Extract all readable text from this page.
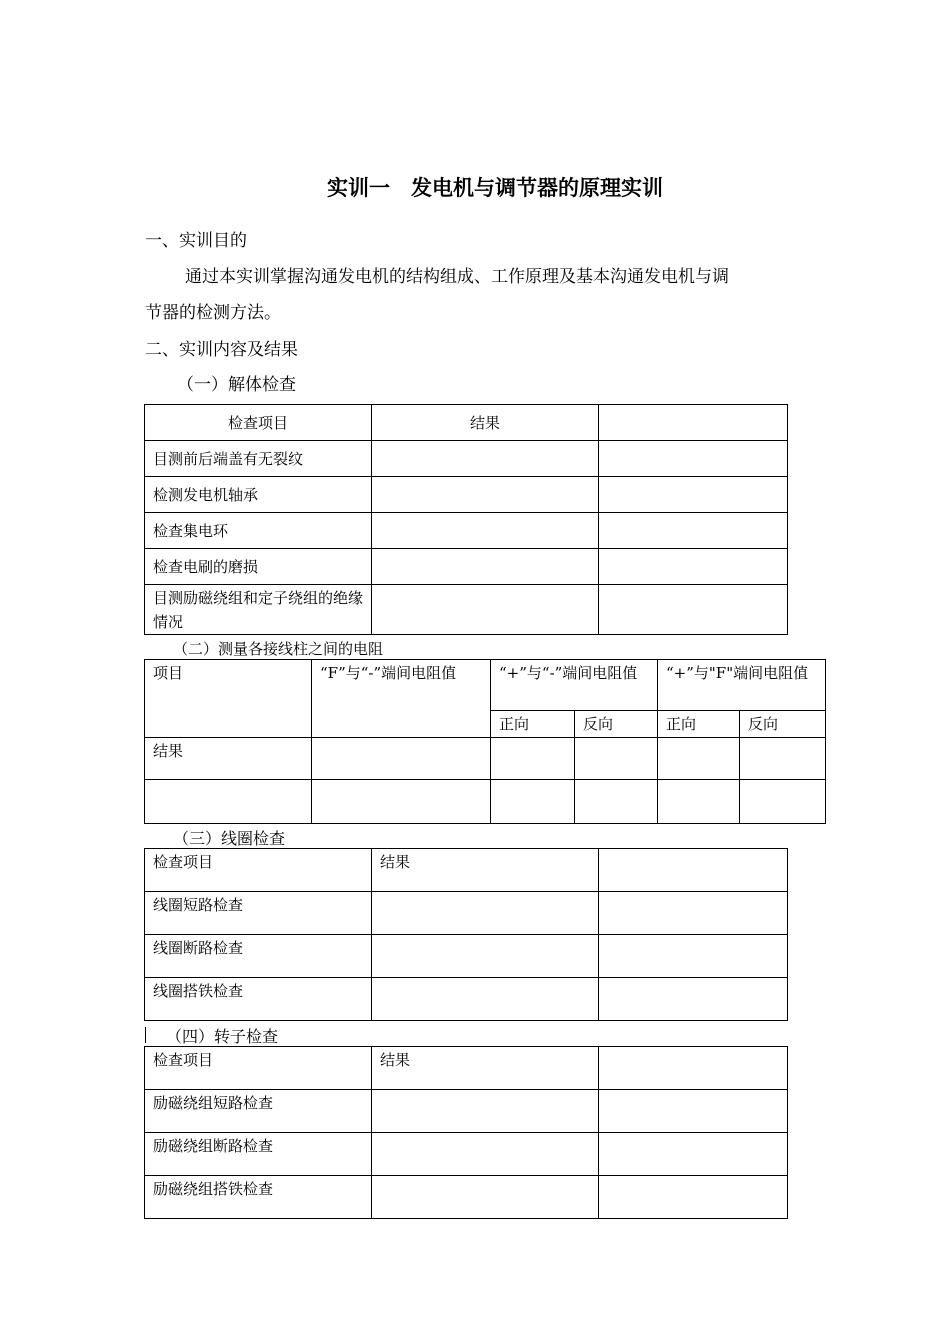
实训一　发电机与调节器的原理实训
一、实训目的
通过本实训掌握沟通发电机的结构组成、工作原理及基本沟通发电机与调
节器的检测方法。
二、实训内容及结果
（一）解体检查
检查项目	结果	
目测前后端盖有无裂纹		
检测发电机轴承		
检查集电环		
检查电刷的磨损		
目测励磁绕组和定子绕组的绝缘情况		
（二）测量各接线柱之间的电阻
项目	“F”与“-”端间电阻值	“+”与“-”端间电阻值		“+”与"F"端间电阻值	
		正向	反向	正向	反向
结果					

（三）线圈检查
检查项目	结果	
线圈短路检查		
线圈断路检查		
线圈搭铁检查		
（四）转子检查
检查项目	结果	
励磁绕组短路检查		
励磁绕组断路检查		
励磁绕组搭铁检查		
